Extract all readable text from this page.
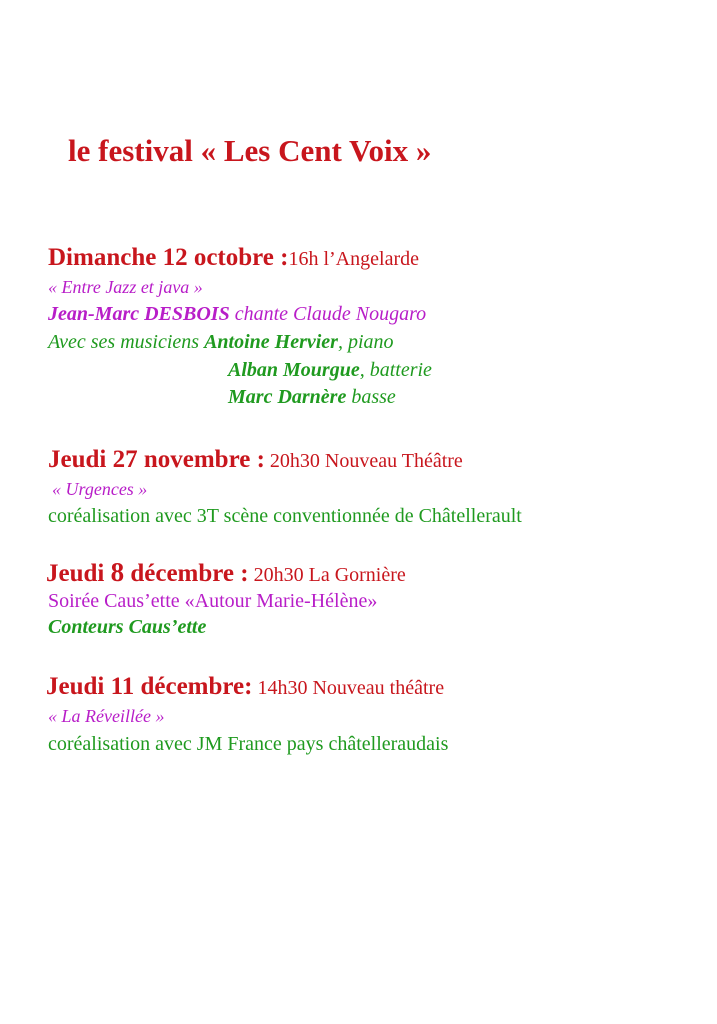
le festival « Les Cent Voix »
Dimanche 12 octobre :16h l’Angelarde
« Entre Jazz et java »
Jean-Marc DESBOIS chante Claude Nougaro
Avec ses musiciens Antoine Hervier, piano
Alban Mourgue, batterie
Marc Darnère basse
Jeudi 27 novembre : 20h30 Nouveau Théâtre
« Urgences »
coréalisation avec 3T scène conventionnée de Châtellerault
Jeudi 8 décembre : 20h30 La Gornière
Soirée Caus’ette «Autour Marie-Hélène»
Conteurs Caus’ette
Jeudi 11 décembre: 14h30 Nouveau théâtre
« La Réveillée »
coréalisation avec JM France pays châtelleraudais
